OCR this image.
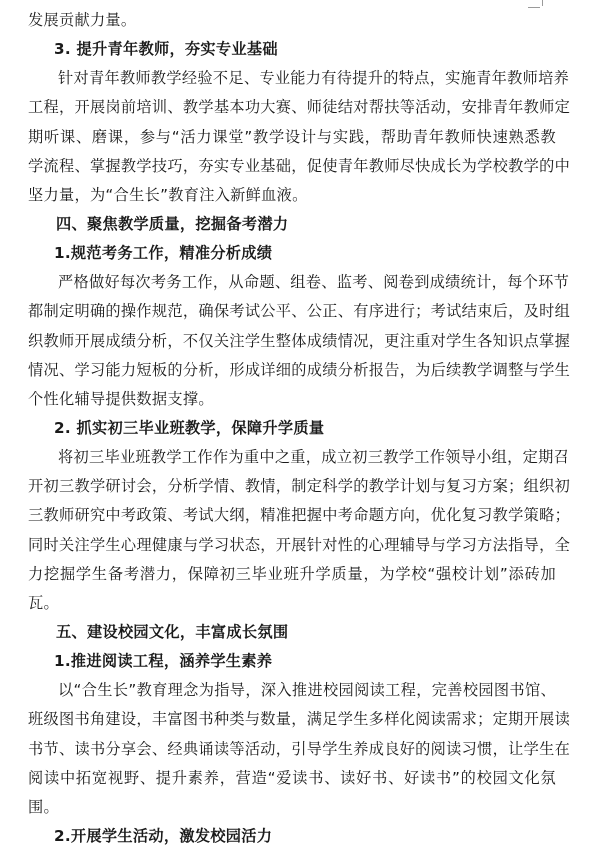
发展贡献力量。
3. 提升青年教师，夯实专业基础
针对青年教师教学经验不足、专业能力有待提升的特点，实施青年教师培养
工程，开展岗前培训、教学基本功大赛、师徒结对帮扶等活动，安排青年教师定
期听课、磨课，参与“活力课堂”教学设计与实践，帮助青年教师快速熟悉教
学流程、掌握教学技巧，夯实专业基础，促使青年教师尽快成长为学校教学的中
坚力量，为“合生长”教育注入新鲜血液。
四、聚焦教学质量，挖掘备考潜力
1.规范考务工作，精准分析成绩
严格做好每次考务工作，从命题、组卷、监考、阅卷到成绩统计，每个环节
都制定明确的操作规范，确保考试公平、公正、有序进行；考试结束后，及时组
织教师开展成绩分析，不仅关注学生整体成绩情况，更注重对学生各知识点掌握
情况、学习能力短板的分析，形成详细的成绩分析报告，为后续教学调整与学生
个性化辅导提供数据支撑。
2. 抓实初三毕业班教学，保障升学质量
将初三毕业班教学工作作为重中之重，成立初三教学工作领导小组，定期召
开初三教学研讨会，分析学情、教情，制定科学的教学计划与复习方案；组织初
三教师研究中考政策、考试大纲，精准把握中考命题方向，优化复习教学策略；
同时关注学生心理健康与学习状态，开展针对性的心理辅导与学习方法指导，全
力挖掘学生备考潜力，保障初三毕业班升学质量，为学校“强校计划”添砖加
瓦。
五、建设校园文化，丰富成长氛围
1.推进阅读工程，涵养学生素养
以“合生长”教育理念为指导，深入推进校园阅读工程，完善校园图书馆、
班级图书角建设，丰富图书种类与数量，满足学生多样化阅读需求；定期开展读
书节、读书分享会、经典诵读等活动，引导学生养成良好的阅读习惯，让学生在
阅读中拓宽视野、提升素养，营造“爱读书、读好书、好读书”的校园文化氛
围。
2.开展学生活动，激发校园活力
